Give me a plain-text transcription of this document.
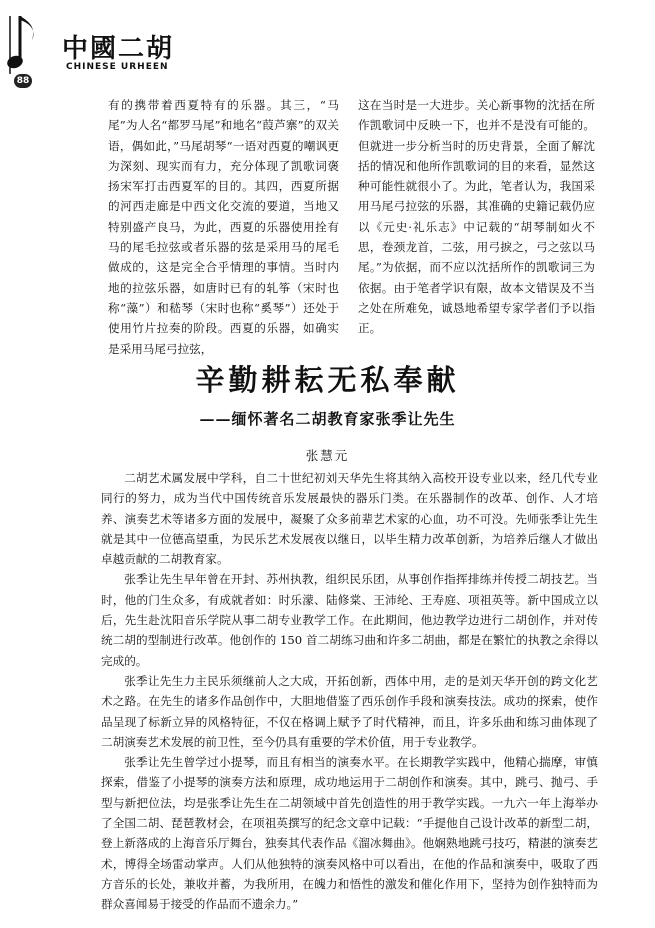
中國二胡
CHINESE URHEEN
88

有的携带着西夏特有的乐器。其三，“马尾”为人名“都罗马尾”和地名“葭芦寨”的双关语，偶如此，”马尾胡琴“一语对西夏的嘲讽更为深刻、现实而有力，充分体现了凯歌词褒扬宋军打击西夏军的目的。其四，西夏所据的河西走廊是中西文化交流的要道，当地又特别盛产良马，为此，西夏的乐器使用拴有马的尾毛拉弦或者乐器的弦是采用马的尾毛做成的，这是完全合乎情理的事情。当时内地的拉弦乐器，如唐时已有的轧筝（宋时也称“藻”）和嵇琴（宋时也称“奚琴”）还处于使用竹片拉奏的阶段。西夏的乐器，如确实是采用马尾弓拉弦，

这在当时是一大进步。关心新事物的沈括在所作凯歌词中反映一下，也并不是没有可能的。但就进一步分析当时的历史背景，全面了解沈括的情况和他所作凯歌词的目的来看，显然这种可能性就很小了。为此，笔者认为，我国采用马尾弓拉弦的乐器，其准确的史籍记载仍应以《元史·礼乐志》中记载的“胡琴制如火不思，卷颈龙首，二弦，用弓捩之，弓之弦以马尾。”为依据，而不应以沈括所作的凯歌词三为依据。由于笔者学识有限，故本文错误及不当之处在所难免，诚恳地希望专家学者们予以指正。

辛勤耕耘无私奉献
——缅怀著名二胡教育家张季让先生
张慧元

二胡艺术属发展中学科，自二十世纪初刘天华先生将其纳入高校开设专业以来，经几代专业同行的努力，成为当代中国传统音乐发展最快的器乐门类。在乐器制作的改革、创作、人才培养、演奏艺术等诸多方面的发展中，凝聚了众多前辈艺术家的心血，功不可没。先师张季让先生就是其中一位德高望重，为民乐艺术发展夜以继日，以毕生精力改革创新，为培养后继人才做出卓越贡献的二胡教育家。

张季让先生早年曾在开封、苏州执教，组织民乐团，从事创作指挥排练并传授二胡技艺。当时，他的门生众多，有成就者如：时乐濛、陆修棠、王沛纶、王寿庭、项祖英等。新中国成立以后，先生赴沈阳音乐学院从事二胡专业教学工作。在此期间，他边教学边进行二胡创作，并对传统二胡的型制进行改革。他创作的 150 首二胡练习曲和许多二胡曲，都是在繁忙的执教之余得以完成的。

张季让先生力主民乐须继前人之大成，开拓创新，西体中用，走的是刘天华开创的跨文化艺术之路。在先生的诸多作品创作中，大胆地借鉴了西乐创作手段和演奏技法。成功的探索，使作品呈现了标新立异的风格特征，不仅在格调上赋予了时代精神，而且，许多乐曲和练习曲体现了二胡演奏艺术发展的前卫性，至今仍具有重要的学术价值，用于专业教学。

张季让先生曾学过小提琴，而且有相当的演奏水平。在长期教学实践中，他精心揣摩，审慎探索，借鉴了小提琴的演奏方法和原理，成功地运用于二胡创作和演奏。其中，跳弓、抛弓、手型与新把位法，均是张季让先生在二胡领域中首先创造性的用于教学实践。一九六一年上海举办了全国二胡、琵琶教材会，在项祖英撰写的纪念文章中记载：“手提他自己设计改革的新型二胡，登上新落成的上海音乐厅舞台，独奏其代表作品《溜冰舞曲》。他娴熟地跳弓技巧，精湛的演奏艺术，博得全场雷动掌声。人们从他独特的演奏风格中可以看出，在他的作品和演奏中，吸取了西方音乐的长处，兼收并蓄，为我所用，在魄力和悟性的激发和催化作用下，坚持为创作独特而为群众喜闻易于接受的作品而不遗余力。”
